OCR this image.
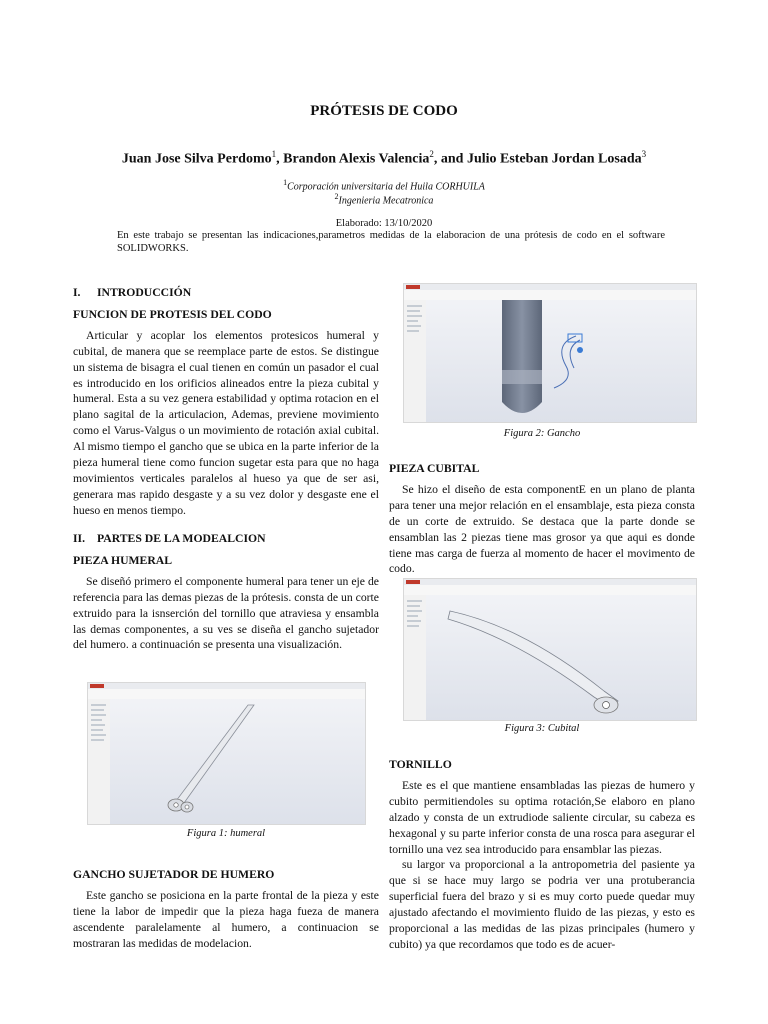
PRÓTESIS DE CODO
Juan Jose Silva Perdomo$^1$, Brandon Alexis Valencia$^2$, and Julio Esteban Jordan Losada$^3$
$^1$Corporación universitaria del Huila CORHUILA
$^2$Ingenieria Mecatronica
Elaborado: 13/10/2020
En este trabajo se presentan las indicaciones,parametros medidas de la elaboracion de una prótesis de codo en el software SOLIDWORKS.
I. INTRODUCCIÓN
FUNCION DE PROTESIS DEL CODO

Articular y acoplar los elementos protesicos humeral y cubital, de manera que se reemplace parte de estos. Se distingue un sistema de bisagra el cual tienen en común un pasador el cual es introducido en los orificios alineados entre la pieza cubital y humeral. Esta a su vez genera estabilidad y optima rotacion en el plano sagital de la articulacion, Ademas, previene movimiento como el Varus-Valgus o un movimiento de rotación axial cubital. Al mismo tiempo el gancho que se ubica en la parte inferior de la pieza humeral tiene como funcion sugetar esta para que no haga movimientos verticales paralelos al hueso ya que de ser asi, generara mas rapido desgaste y a su vez dolor y desgaste ene el hueso en menos tiempo.

II. PARTES DE LA MODEALCION
PIEZA HUMERAL

Se diseñó primero el componente humeral para tener un eje de referencia para las demas piezas de la prótesis. consta de un corte extruido para la isnserción del tornillo que atraviesa y ensambla las demas componentes, a su ves se diseña el gancho sujetador del humero. a continuación se presenta una visualización.

Figura 1: humeral
GANCHO SUJETADOR DE HUMERO

Este gancho se posiciona en la parte frontal de la pieza y este tiene la labor de impedir que la pieza haga fueza de manera ascendente paralelamente al humero, a continuacion se mostraran las medidas de modelacion.

Figura 2: Gancho
PIEZA CUBITAL

Se hizo el diseño de esta componentE en un plano de planta para tener una mejor relación en el ensamblaje, esta pieza consta de un corte de extruido. Se destaca que la parte donde se ensamblan las 2 piezas tiene mas grosor ya que aqui es donde tiene mas carga de fuerza al momento de hacer el movimento de codo.

Figura 3: Cubital
TORNILLO

Este es el que mantiene ensambladas las piezas de humero y cubito permitiendoles su optima rotación,Se elaboro en plano alzado y consta de un extrudiode saliente circular, su cabeza es hexagonal y su parte inferior consta de una rosca para asegurar el tornillo una vez sea introducido para ensamblar las piezas.

su largor va proporcional a la antropometria del pasiente ya que si se hace muy largo se podria ver una protuberancia superficial fuera del brazo y si es muy corto puede quedar muy ajustado afectando el movimiento fluido de las piezas, y esto es proporcional a las medidas de las pizas principales (humero y cubito) ya que recordamos que todo es de acuer-
